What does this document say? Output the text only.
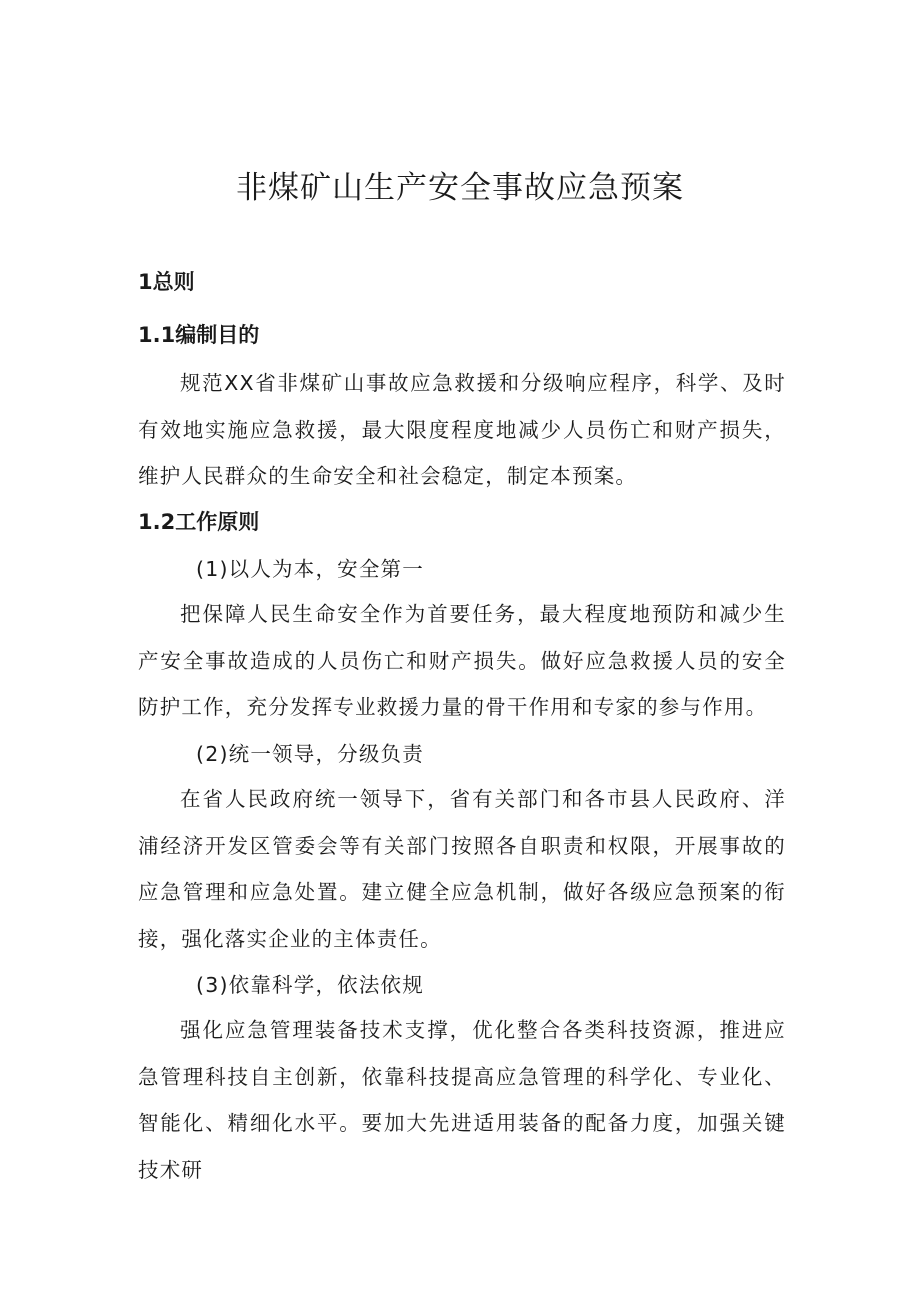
非煤矿山生产安全事故应急预案
1总则
1.1编制目的

规范XX省非煤矿山事故应急救援和分级响应程序，科学、及时有效地实施应急救援，最大限度程度地减少人员伤亡和财产损失，维护人民群众的生命安全和社会稳定，制定本预案。

1.2工作原则

(1)以人为本，安全第一

把保障人民生命安全作为首要任务，最大程度地预防和减少生产安全事故造成的人员伤亡和财产损失。做好应急救援人员的安全防护工作，充分发挥专业救援力量的骨干作用和专家的参与作用。

(2)统一领导，分级负责

在省人民政府统一领导下，省有关部门和各市县人民政府、洋浦经济开发区管委会等有关部门按照各自职责和权限，开展事故的应急管理和应急处置。建立健全应急机制，做好各级应急预案的衔接，强化落实企业的主体责任。

(3)依靠科学，依法依规

强化应急管理装备技术支撑，优化整合各类科技资源，推进应急管理科技自主创新，依靠科技提高应急管理的科学化、专业化、智能化、精细化水平。要加大先进适用装备的配备力度，加强关键技术研
